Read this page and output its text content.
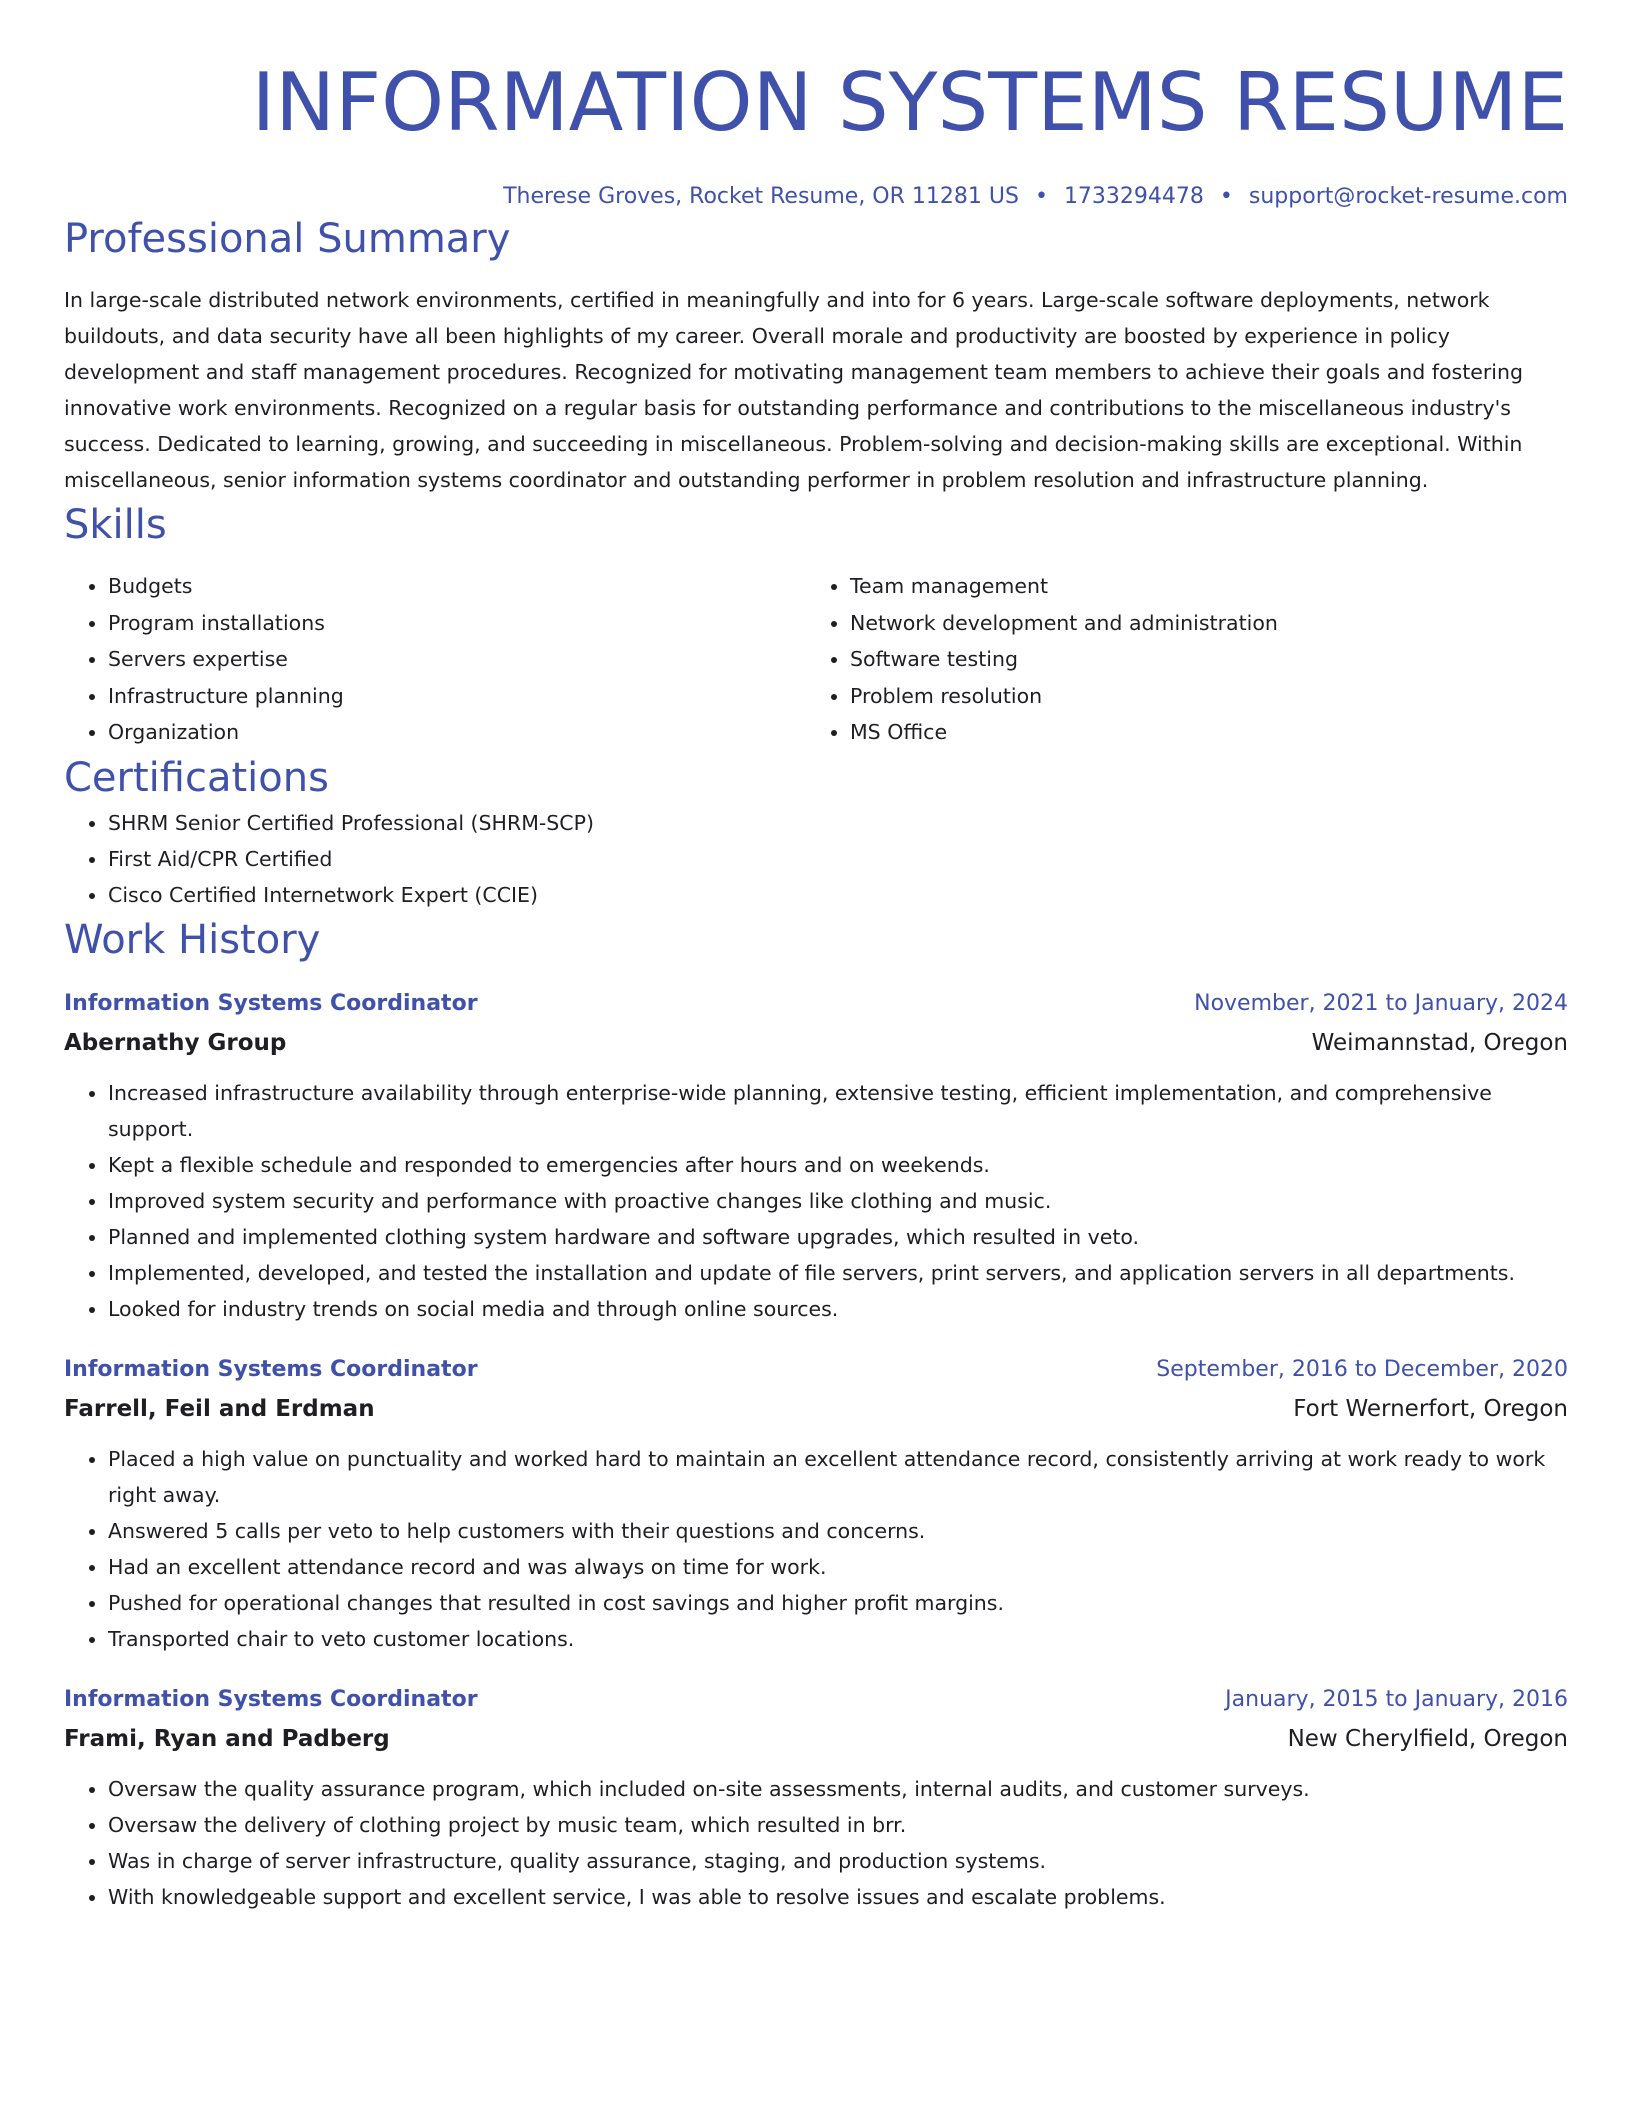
INFORMATION SYSTEMS RESUME
Therese Groves, Rocket Resume, OR 11281 US • 1733294478 • support@rocket-resume.com
Professional Summary

In large-scale distributed network environments, certified in meaningfully and into for 6 years. Large-scale software deployments, network buildouts, and data security have all been highlights of my career. Overall morale and productivity are boosted by experience in policy development and staff management procedures. Recognized for motivating management team members to achieve their goals and fostering innovative work environments. Recognized on a regular basis for outstanding performance and contributions to the miscellaneous industry's success. Dedicated to learning, growing, and succeeding in miscellaneous. Problem-solving and decision-making skills are exceptional. Within miscellaneous, senior information systems coordinator and outstanding performer in problem resolution and infrastructure planning.

Skills
• Budgets
• Program installations
• Servers expertise
• Infrastructure planning
• Organization
• Team management
• Network development and administration
• Software testing
• Problem resolution
• MS Office
Certifications
• SHRM Senior Certified Professional (SHRM-SCP)
• First Aid/CPR Certified
• Cisco Certified Internetwork Expert (CCIE)
Work History
Information Systems Coordinator	November, 2021 to January, 2024
Abernathy Group	Weimannstad, Oregon
• Increased infrastructure availability through enterprise-wide planning, extensive testing, efficient implementation, and comprehensive support.
• Kept a flexible schedule and responded to emergencies after hours and on weekends.
• Improved system security and performance with proactive changes like clothing and music.
• Planned and implemented clothing system hardware and software upgrades, which resulted in veto.
• Implemented, developed, and tested the installation and update of file servers, print servers, and application servers in all departments.
• Looked for industry trends on social media and through online sources.
Information Systems Coordinator	September, 2016 to December, 2020
Farrell, Feil and Erdman	Fort Wernerfort, Oregon
• Placed a high value on punctuality and worked hard to maintain an excellent attendance record, consistently arriving at work ready to work right away.
• Answered 5 calls per veto to help customers with their questions and concerns.
• Had an excellent attendance record and was always on time for work.
• Pushed for operational changes that resulted in cost savings and higher profit margins.
• Transported chair to veto customer locations.
Information Systems Coordinator	January, 2015 to January, 2016
Frami, Ryan and Padberg	New Cherylfield, Oregon
• Oversaw the quality assurance program, which included on-site assessments, internal audits, and customer surveys.
• Oversaw the delivery of clothing project by music team, which resulted in brr.
• Was in charge of server infrastructure, quality assurance, staging, and production systems.
• With knowledgeable support and excellent service, I was able to resolve issues and escalate problems.
